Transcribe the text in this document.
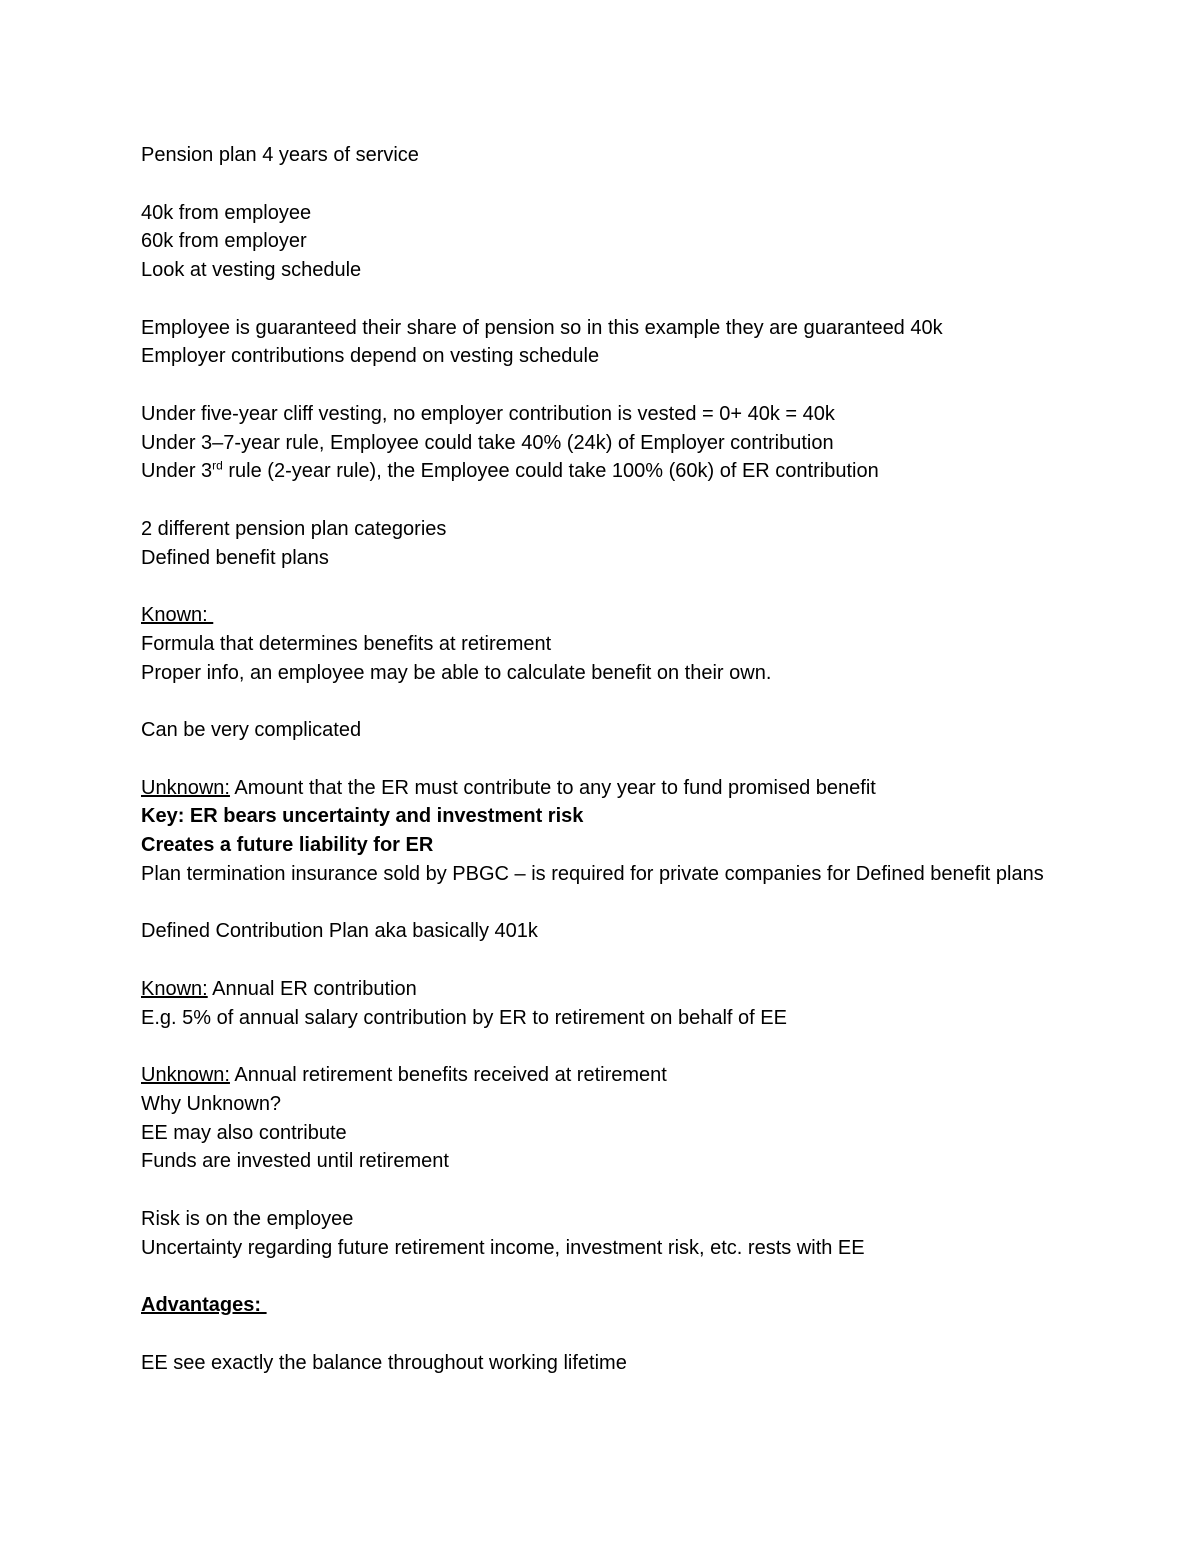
Pension plan 4 years of service
40k from employee
60k from employer
Look at vesting schedule
Employee is guaranteed their share of pension so in this example they are guaranteed 40k
Employer contributions depend on vesting schedule
Under five-year cliff vesting, no employer contribution is vested = 0+ 40k = 40k
Under 3–7-year rule, Employee could take 40% (24k) of Employer contribution
Under 3rd rule (2-year rule), the Employee could take 100% (60k) of ER contribution
2 different pension plan categories
Defined benefit plans
Known:
Formula that determines benefits at retirement
Proper info, an employee may be able to calculate benefit on their own.
Can be very complicated
Unknown: Amount that the ER must contribute to any year to fund promised benefit
Key: ER bears uncertainty and investment risk
Creates a future liability for ER
Plan termination insurance sold by PBGC – is required for private companies for Defined benefit plans
Defined Contribution Plan aka basically 401k
Known: Annual ER contribution
E.g. 5% of annual salary contribution by ER to retirement on behalf of EE
Unknown: Annual retirement benefits received at retirement
Why Unknown?
EE may also contribute
Funds are invested until retirement
Risk is on the employee
Uncertainty regarding future retirement income, investment risk, etc. rests with EE
Advantages:
EE see exactly the balance throughout working lifetime
